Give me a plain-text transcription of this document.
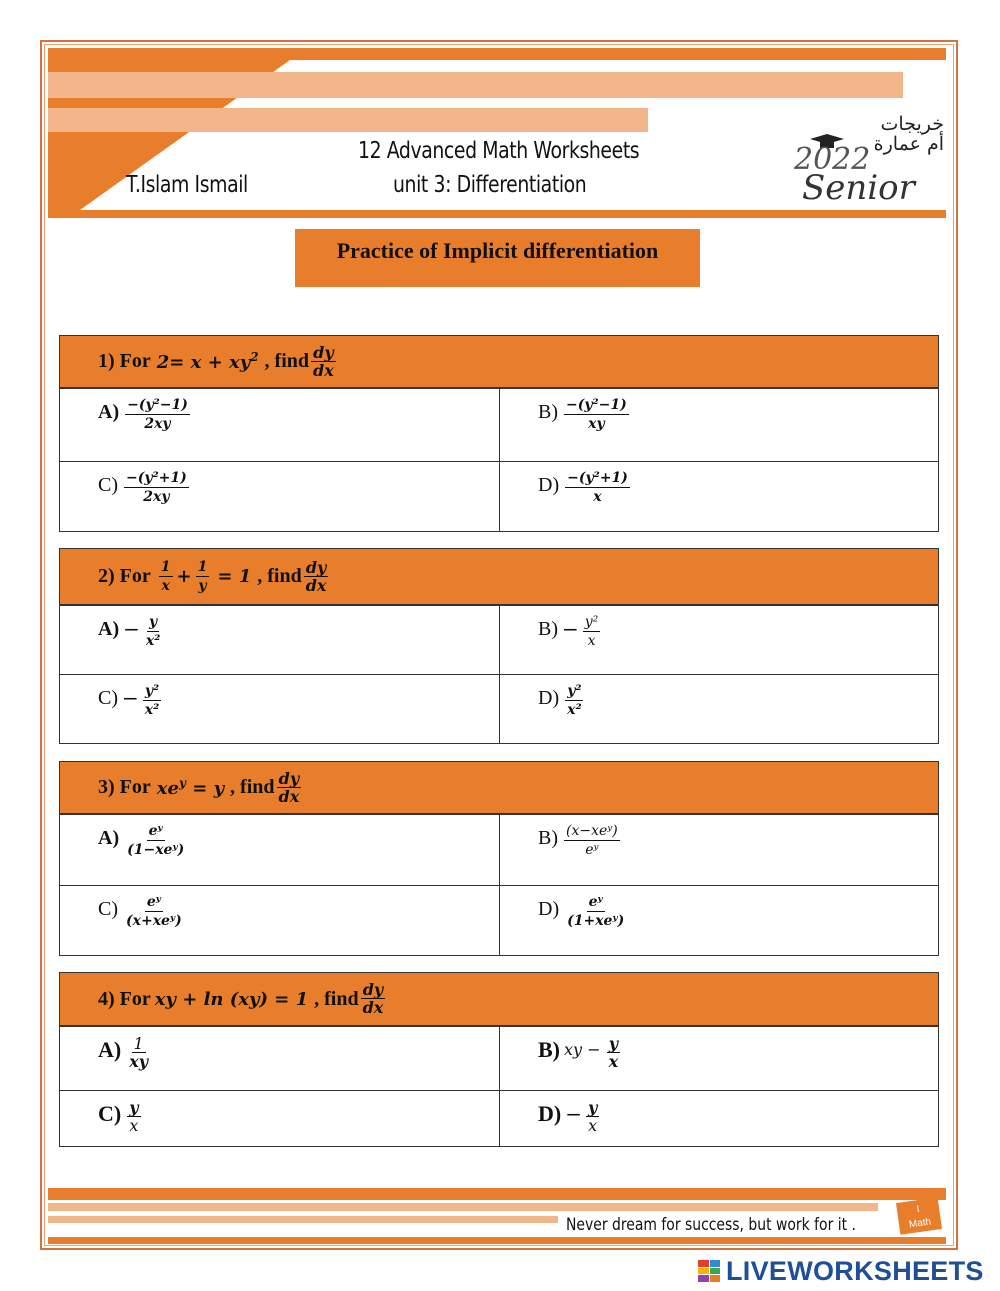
T.Islam Ismail
12 Advanced Math Worksheets
unit 3: Differentiation
خريجات
أم عمارة
2022
Senior
Practice of Implicit differentiation
1) For $2= x + xy^2$ , find $\frac{dy}{dx}$
$A) \frac{\text{−(y²−1)}}{2xy}$	$B) \frac{\text{−(y²−1)}}{xy}$
$C) \frac{\text{−(y²+1)}}{2xy}$	$D) \frac{\text{−(y²+1)}}{x}$
2) For $\frac{1}{x} + \frac{1}{y} = 1$ , find $\frac{dy}{dx}$
$A) - \frac{y}{\text{x²}}$	$B) - \frac{\text{y²}}{x}$
$C) - \frac{\text{y²}}{\text{x²}}$	$D) \frac{\text{y²}}{\text{x²}}$
3) For $xe^y = y$ , find $\frac{dy}{dx}$
$A) \frac{\text{eʸ}}{\text{(1−xeʸ)}}$	$B) \frac{\text{(x−xeʸ)}}{\text{eʸ}}$
$C) \frac{\text{eʸ}}{\text{(x+xeʸ)}}$	$D) \frac{\text{eʸ}}{\text{(1+xeʸ)}}$
4) For xy + ln (xy) = 1 , find $\frac{dy}{dx}$
$A) \frac{1}{xy}$	B) xy − $\frac{y}{x}$
$C) \frac{y}{x}$	$D) - \frac{y}{x}$
Never dream for success, but work for it .
I
Math
LIVEWORKSHEETS
